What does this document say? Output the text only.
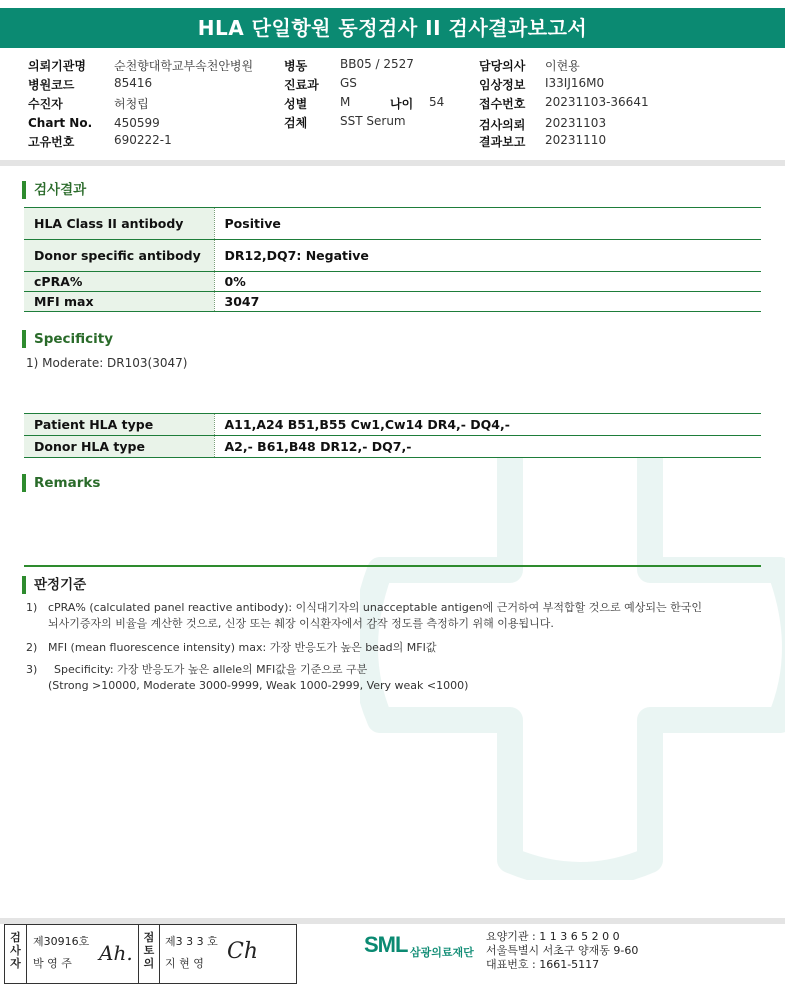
HLA 단일항원 동정검사 II 검사결과보고서
의뢰기관명 순천향대학교부속천안병원
병원코드	85416
수진자	허청립
Chart No. 450599
고유번호	690222-1
병동	BB05 / 2527
진료과 GS
성별	M	나이 54
검체	SST Serum
담당의사 이현용
임상정보 I33IJ16M0
접수번호 20231103-36641
검사의뢰 20231103
결과보고 20231110
검사결과
HLA Class II antibody	Positive
Donor specific antibody	DR12,DQ7: Negative
cPRA%	0%
MFI max	3047
Specificity
1) Moderate: DR103(3047)
Patient HLA type	A11,A24 B51,B55 Cw1,Cw14 DR4,- DQ4,-
Donor HLA type	A2,- B61,B48 DR12,- DQ7,-
Remarks
판정기준
1) cPRA% (calculated panel reactive antibody): 이식대기자의 unacceptable antigen에 근거하여 부적합할 것으로 예상되는 한국인
뇌사기증자의 비율을 계산한 것으로, 신장 또는 췌장 이식환자에서 감작 정도를 측정하기 위해 이용됩니다.
2) MFI (mean fluorescence intensity) max: 가장 반응도가 높은 bead의 MFI값
3) Specificity: 가장 반응도가 높은 allele의 MFI값을 기준으로 구분
(Strong >10000, Moderate 3000-9999, Weak 1000-2999, Very weak <1000)
검
사
자
제30916호
박 영 주 Ah.
점
토
의
제3 3 3 호
지 현 영 Ch	SML 삼광의료재단
요양기관 : 1 1 3 6 5 2 0 0
서울특별시 서초구 양재동 9-60
대표번호 : 1661-5117
